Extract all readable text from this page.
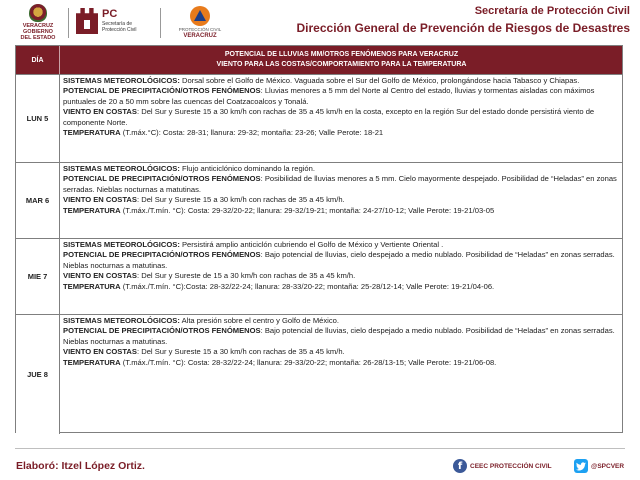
VERACRUZ
GOBIERNO
DEL ESTADO
PC
Secretaría de
Protección Civil	PROTECCIÓN CIVIL
VERACRUZ
Secretaría de Protección Civil
Dirección General de Prevención de Riesgos de Desastres
DÍA
POTENCIAL DE LLUVIAS MM/OTROS FENÓMENOS PARA VERACRUZ
VIENTO PARA LAS COSTAS/COMPORTAMIENTO PARA LA TEMPERATURA
LUN 5

SISTEMAS METEOROLÓGICOS: Dorsal sobre el Golfo de México. Vaguada sobre el Sur del Golfo de México, prolongándose hacia Tabasco y Chiapas.

POTENCIAL DE PRECIPITACIÓN/OTROS FENÓMENOS: Lluvias menores a 5 mm del Norte al Centro del estado, lluvias y tormentas aisladas con máximos puntuales de 20 a 50 mm sobre las cuencas del Coatzacoalcos y Tonalá.

VIENTO EN COSTAS: Del Sur y Sureste 15 a 30 km/h con rachas de 35 a 45 km/h en la costa, excepto en la región Sur del estado donde persistirá viento de componente Norte.

TEMPERATURA (T.máx.°C): Costa: 28-31; llanura: 29-32; montaña: 23-26; Valle Perote: 18-21

MAR 6

SISTEMAS METEOROLÓGICOS: Flujo anticiclónico dominando la región.

POTENCIAL DE PRECIPITACIÓN/OTROS FENÓMENOS: Posibilidad de lluvias menores a 5 mm. Cielo mayormente despejado. Posibilidad de “Heladas” en zonas serradas. Nieblas nocturnas a matutinas.

VIENTO EN COSTAS: Del Sur y Sureste 15 a 30 km/h con rachas de 35 a 45 km/h.

TEMPERATURA (T.máx./T.mín. °C): Costa: 29-32/20-22; llanura: 29-32/19-21; montaña: 24-27/10-12; Valle Perote: 19-21/03-05

MIE 7

SISTEMAS METEOROLÓGICOS: Persistirá amplio anticiclón cubriendo el Golfo de México y Vertiente Oriental .

POTENCIAL DE PRECIPITACIÓN/OTROS FENÓMENOS: Bajo potencial de lluvias, cielo despejado a medio nublado. Posibilidad de “Heladas” en zonas serradas. Nieblas nocturnas a matutinas.

VIENTO EN COSTAS: Del Sur y Sureste de 15 a 30 km/h con rachas de 35 a 45 km/h.

TEMPERATURA (T.máx./T.mín. °C):Costa: 28-32/22-24; llanura: 28-33/20-22; montaña: 25-28/12-14; Valle Perote: 19-21/04-06.

JUE 8

SISTEMAS METEOROLÓGICOS: Alta presión sobre el centro y Golfo de México.

POTENCIAL DE PRECIPITACIÓN/OTROS FENÓMENOS: Bajo potencial de lluvias, cielo despejado a medio nublado. Posibilidad de “Heladas” en zonas serradas. Nieblas nocturnas a matutinas.

VIENTO EN COSTAS: Del Sur y Sureste 15 a 30 km/h con rachas de 35 a 45 km/h.

TEMPERATURA (T.máx./T.mín. °C): Costa: 28-32/22-24; llanura: 29-33/20-22; montaña: 26-28/13-15; Valle Perote: 19-21/06-08.

Elaboró: Itzel López Ortiz.	f	CEEC PROTECCIÓN CIVIL	@SPCVER
